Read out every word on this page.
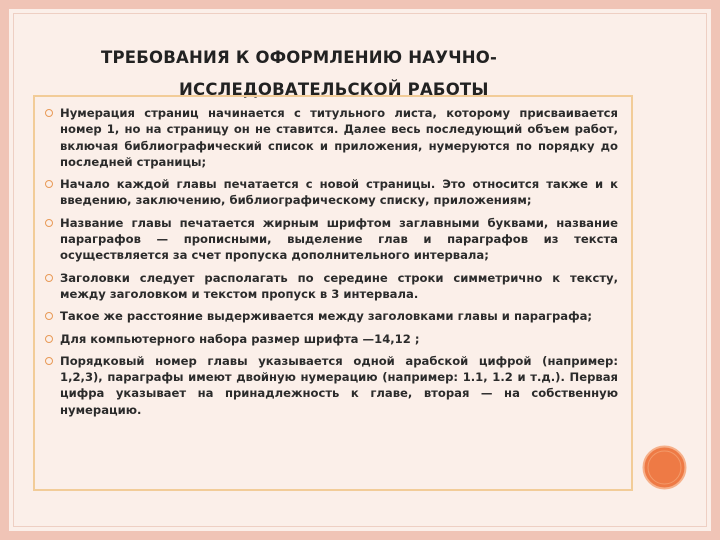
ТРЕБОВАНИЯ К ОФОРМЛЕНИЮ НАУЧНО-
ИССЛЕДОВАТЕЛЬСКОЙ РАБОТЫ
Нумерация страниц начинается с титульного листа, которому присваивается номер 1, но на страницу он не ставится. Далее весь последующий объем работ, включая библиографический список и приложения, нумеруются по порядку до последней страницы;
Начало каждой главы печатается с новой страницы. Это относится также и к введению, заключению, библиографическому списку, приложениям;
Название главы печатается жирным шрифтом заглавными буквами, название параграфов — прописными, выделение глав и параграфов из текста осуществляется за счет пропуска дополнительного интервала;
Заголовки следует располагать по середине строки симметрично к тексту, между заголовком и текстом пропуск в 3 интервала.
Такое же расстояние выдерживается между заголовками главы и параграфа;
Для компьютерного набора размер шрифта —14,12 ;
Порядковый номер главы указывается одной арабской цифрой (например: 1,2,3), параграфы имеют двойную нумерацию (например: 1.1, 1.2 и т.д.). Первая цифра указывает на принадлежность к главе, вторая — на собственную нумерацию.
